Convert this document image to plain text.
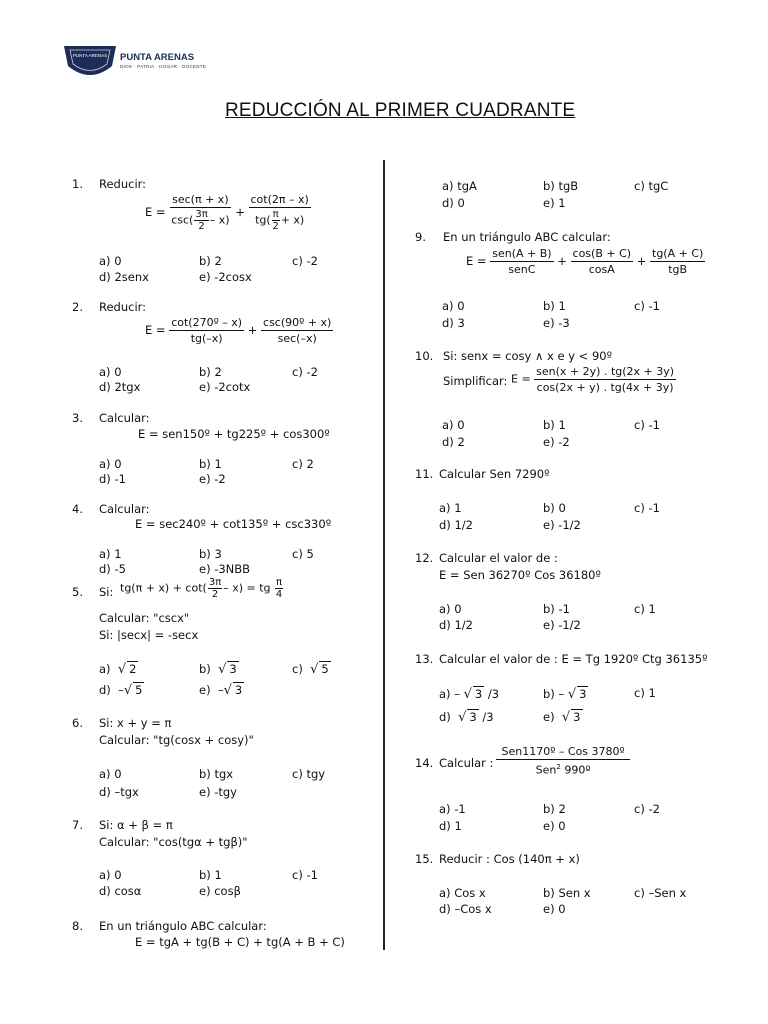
PUNTA ARENAS PUNTA ARENAS
DIOS · PATRIA · HOGAR · DOCENTE
REDUCCIÓN AL PRIMER CUADRANTE
1. Reducir:
$E = \frac{\sec(\pi + x)}{\csc( \frac{3\pi}{2} - x)} + \frac{\cot(2\pi - x)}{tg( \frac{\pi}{2} + x)}$
a) 0	b) 2	c) -2
d) 2senx	e) -2cosx
2. Reducir:
$E = \frac{\text{cot(270º – x)}}{tg(-x)} + \frac{\text{csc(90º + x)}}{\sec(-x)}$
a) 0	b) 2	c) -2
d) 2tgx	e) -2cotx
3. Calcular:
E = sen150º + tg225º + cos300º
a) 0	b) 1	c) 2
d) -1	e) -2
4. Calcular:
E = sec240º + cot135º + csc330º
a) 1	b) 3	c) 5
d) -5	e) -3NBB
5. Si: $tg(\pi + x) + \cot( \frac{3\pi}{2} - x)$ = tg $\frac{\pi}{4}$
Calcular: "cscx"
Si: |secx| = -secx
a)  √ 2	b)  √ 3	c)  √ 5
d)  –√ 5	e)  –√ 3
6. Si: x + y = π
Calcular: "tg(cosx + cosy)"
a) 0	b) tgx	c) tgy
d) –tgx	e) -tgy
7. Si: α + β = π
Calcular: "cos(tgα + tgβ)"
a) 0	b) 1	c) -1
d) cosα	e) cosβ
8. En un triángulo ABC calcular:
E = tgA + tg(B + C) + tg(A + B + C)
a) tgA	b) tgB	c) tgC
d) 0	e) 1
9. En un triángulo ABC calcular:
$E = \frac{\text{sen(A + B)}}{\text{senC}} + \frac{\cos(B + C)}{\cos A} + \frac{tg(A + C)}{\text{tgB}}$
a) 0	b) 1	c) -1
d) 3	e) -3
10. Si: senx = cosy ∧ x e y < 90º
Simplificar: $E = \frac{\text{sen(x + 2y) . tg(2x + 3y)}}{\cos(2x + y) . tg(4x + 3y)}$
a) 0	b) 1	c) -1
d) 2	e) -2
11. Calcular Sen 7290º
a) 1	b) 0	c) -1
d) 1/2	e) -1/2
12. Calcular el valor de :
E = Sen 36270º Cos 36180º
a) 0	b) -1	c) 1
d) 1/2	e) -1/2
13. Calcular el valor de : E = Tg 1920º Ctg 36135º
a) – √ 3 /3	b) – √ 3	c) 1
d)  √ 3 /3	e)  √ 3
14. Calcular : $\frac{\text{Sen1170º – Cos 3780º}}{Sen^2 990º}$
a) -1	b) 2	c) -2
d) 1	e) 0
15. Reducir : Cos (140π + x)
a) Cos x	b) Sen x	c) –Sen x
d) –Cos x	e) 0
